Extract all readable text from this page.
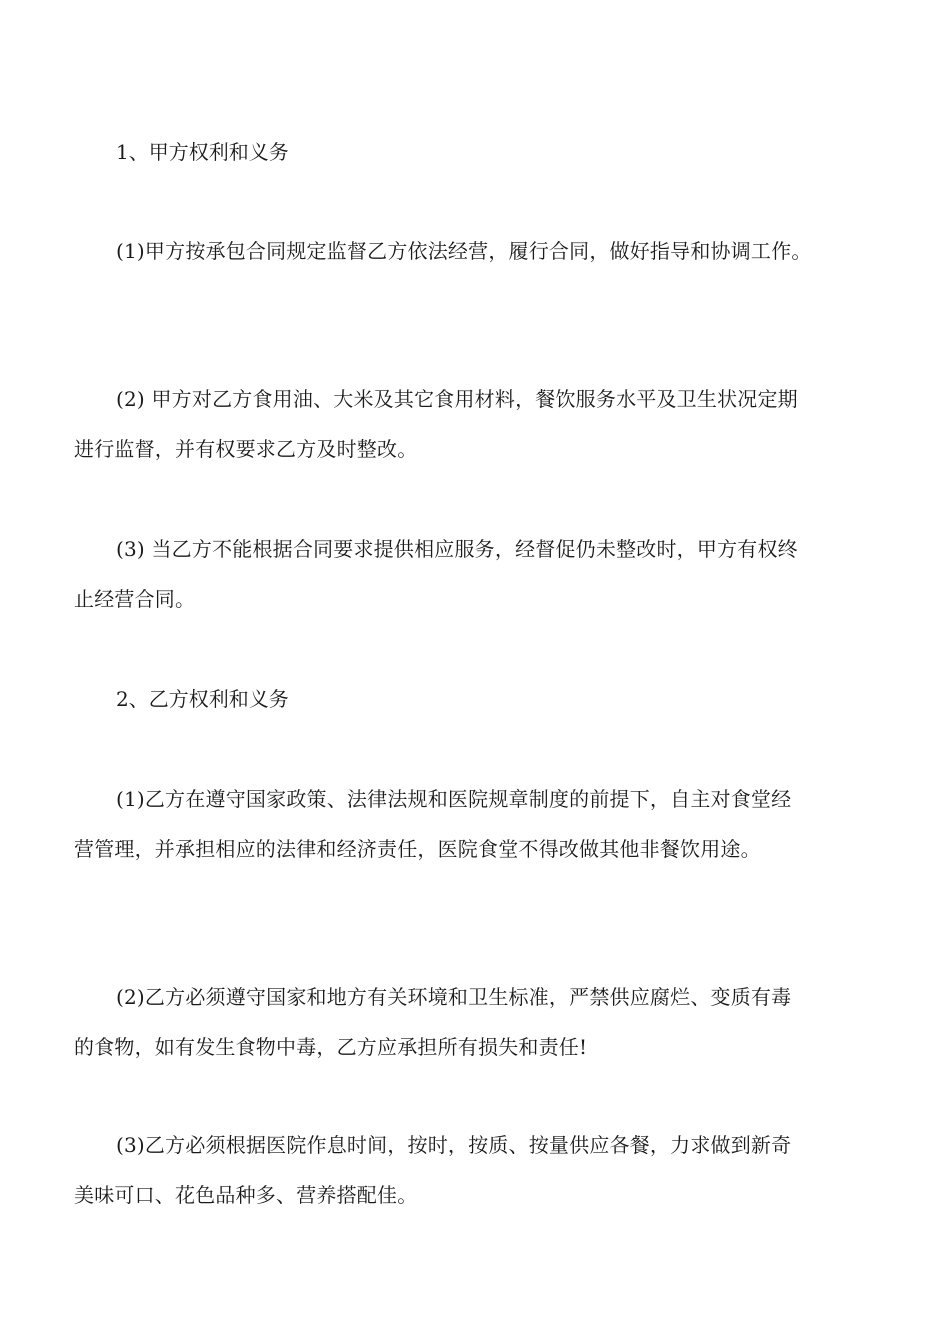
1、甲方权利和义务

(1)甲方按承包合同规定监督乙方依法经营，履行合同，做好指导和协调工作。
(2) 甲方对乙方食用油、大米及其它食用材料，餐饮服务水平及卫生状况定期
进行监督，并有权要求乙方及时整改。
(3) 当乙方不能根据合同要求提供相应服务，经督促仍未整改时，甲方有权终
止经营合同。

2、乙方权利和义务

(1)乙方在遵守国家政策、法律法规和医院规章制度的前提下，自主对食堂经
营管理，并承担相应的法律和经济责任，医院食堂不得改做其他非餐饮用途。
(2)乙方必须遵守国家和地方有关环境和卫生标准，严禁供应腐烂、变质有毒
的食物，如有发生食物中毒，乙方应承担所有损失和责任!
(3)乙方必须根据医院作息时间，按时，按质、按量供应各餐，力求做到新奇
美味可口、花色品种多、营养搭配佳。
